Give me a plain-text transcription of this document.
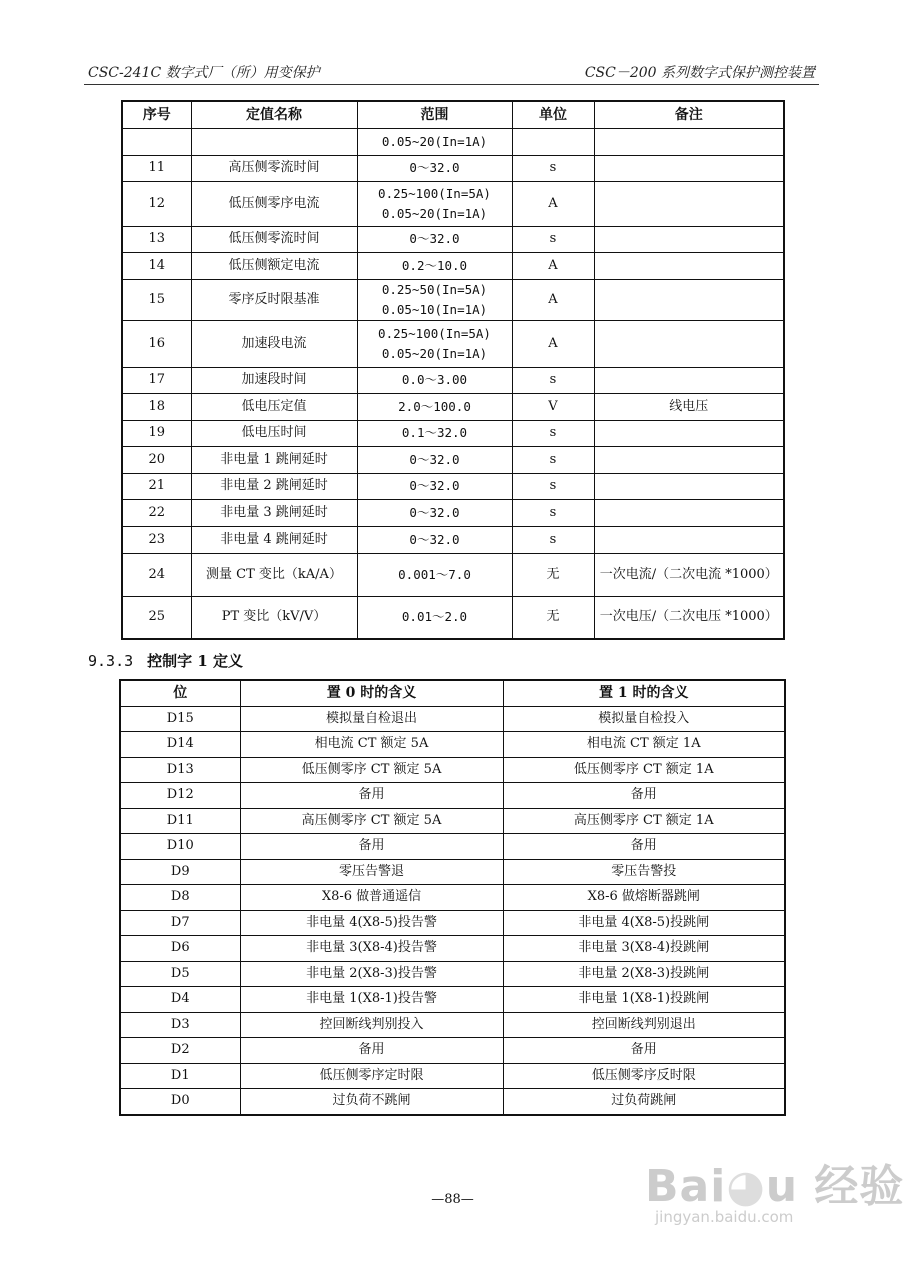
CSC-241C 数字式厂（所）用变保护	CSC－200 系列数字式保护测控装置
序号	定值名称	范围	单位	备注

		0.05~20(In=1A)		

11	高压侧零流时间	0～32.0	s	
12	低压侧零序电流	0.25~100(In=5A)
0.05~20(In=1A)	A	
13	低压侧零流时间	0～32.0	s	
14	低压侧额定电流	0.2～10.0	A	
15	零序反时限基准	0.25~50(In=5A)
0.05~10(In=1A)	A	
16	加速段电流	0.25~100(In=5A)
0.05~20(In=1A)	A	
17	加速段时间	0.0～3.00	s	
18	低电压定值	2.0～100.0	V	线电压
19	低电压时间	0.1～32.0	s	
20	非电量 1 跳闸延时	0～32.0	s	
21	非电量 2 跳闸延时	0～32.0	s	
22	非电量 3 跳闸延时	0～32.0	s	
23	非电量 4 跳闸延时	0～32.0	s	
24	测量 CT 变比（kA/A）	0.001～7.0	无	一次电流/（二次电流 *1000）
25	PT 变比（kV/V）	0.01～2.0	无	一次电压/（二次电压 *1000）
9.3.3 控制字 1 定义
位	置 0 时的含义	置 1 时的含义
D15	模拟量自检退出	模拟量自检投入
D14	相电流 CT 额定 5A	相电流 CT 额定 1A
D13	低压侧零序 CT 额定 5A	低压侧零序 CT 额定 1A
D12	备用	备用
D11	高压侧零序 CT 额定 5A	高压侧零序 CT 额定 1A
D10	备用	备用
D9	零压告警退	零压告警投
D8	X8-6 做普通遥信	X8-6 做熔断器跳闸
D7	非电量 4(X8-5)投告警	非电量 4(X8-5)投跳闸
D6	非电量 3(X8-4)投告警	非电量 3(X8-4)投跳闸
D5	非电量 2(X8-3)投告警	非电量 2(X8-3)投跳闸
D4	非电量 1(X8-1)投告警	非电量 1(X8-1)投跳闸
D3	控回断线判别投入	控回断线判别退出
D2	备用	备用
D1	低压侧零序定时限	低压侧零序反时限
D0	过负荷不跳闸	过负荷跳闸
—88—	Bai◕u 经验
jingyan.baidu.com
